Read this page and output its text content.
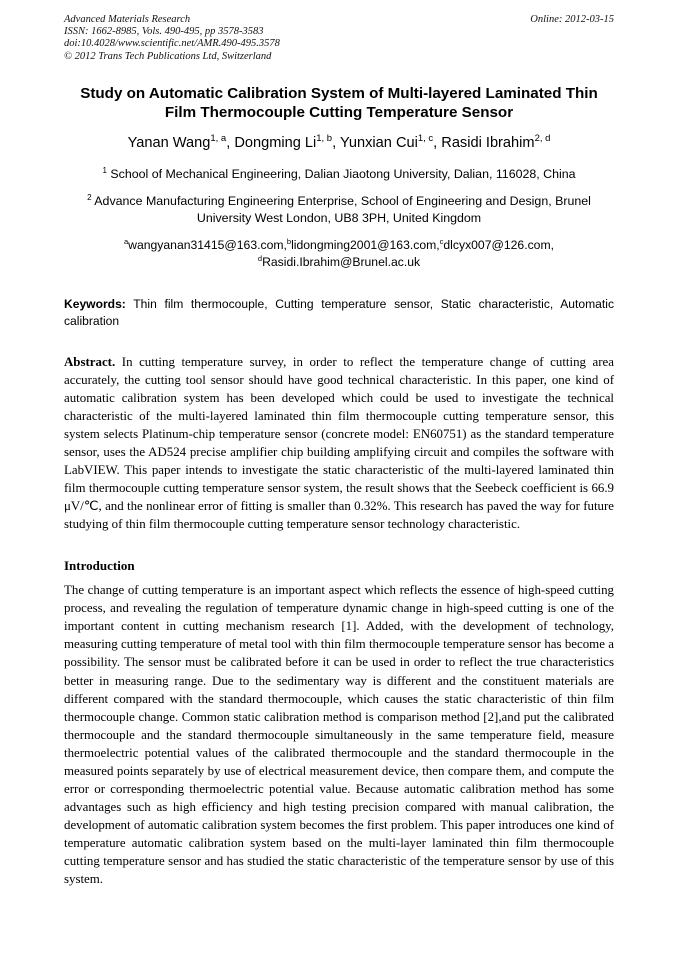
Advanced Materials Research
ISSN: 1662-8985, Vols. 490-495, pp 3578-3583
doi:10.4028/www.scientific.net/AMR.490-495.3578
© 2012 Trans Tech Publications Ltd, Switzerland
Online: 2012-03-15
Study on Automatic Calibration System of Multi-layered Laminated Thin Film Thermocouple Cutting Temperature Sensor
Yanan Wang$^{1, a}$, Dongming Li$^{1, b}$, Yunxian Cui$^{1, c}$, Rasidi Ibrahim$^{2, d}$
$^1$ School of Mechanical Engineering, Dalian Jiaotong University, Dalian, 116028, China
$^2$ Advance Manufacturing Engineering Enterprise, School of Engineering and Design, Brunel University West London, UB8 3PH, United Kingdom
$^a$wangyanan31415@163.com,$^b$lidongming2001@163.com,$^c$dlcyx007@126.com,
$^d$Rasidi.Ibrahim@Brunel.ac.uk
Keywords: Thin film thermocouple, Cutting temperature sensor, Static characteristic, Automatic calibration
Abstract. In cutting temperature survey, in order to reflect the temperature change of cutting area accurately, the cutting tool sensor should have good technical characteristic. In this paper, one kind of automatic calibration system has been developed which could be used to investigate the technical characteristic of the multi-layered laminated thin film thermocouple cutting temperature sensor, this system selects Platinum-chip temperature sensor (concrete model: EN60751) as the standard temperature sensor, uses the AD524 precise amplifier chip building amplifying circuit and compiles the software with LabVIEW. This paper intends to investigate the static characteristic of the multi-layered laminated thin film thermocouple cutting temperature sensor system, the result shows that the Seebeck coefficient is 66.9 μV/℃, and the nonlinear error of fitting is smaller than 0.32%. This research has paved the way for future studying of thin film thermocouple cutting temperature sensor technology characteristic.
Introduction
The change of cutting temperature is an important aspect which reflects the essence of high-speed cutting process, and revealing the regulation of temperature dynamic change in high-speed cutting is one of the important content in cutting mechanism research [1]. Added, with the development of technology, measuring cutting temperature of metal tool with thin film thermocouple temperature sensor has become a possibility. The sensor must be calibrated before it can be used in order to reflect the true characteristics better in measuring range. Due to the sedimentary way is different and the constituent materials are different compared with the standard thermocouple, which causes the static characteristic of thin film thermocouple change. Common static calibration method is comparison method [2],and put the calibrated thermocouple and the standard thermocouple simultaneously in the same temperature field, measure thermoelectric potential values of the calibrated thermocouple and the standard thermocouple in the measured points separately by use of electrical measurement device, then compare them, and compute the error or corresponding thermoelectric potential value. Because automatic calibration method has some advantages such as high efficiency and high testing precision compared with manual calibration, the development of automatic calibration system becomes the first problem. This paper introduces one kind of temperature automatic calibration system based on the multi-layer laminated thin film thermocouple cutting temperature sensor and has studied the static characteristic of the temperature sensor by use of this system.
